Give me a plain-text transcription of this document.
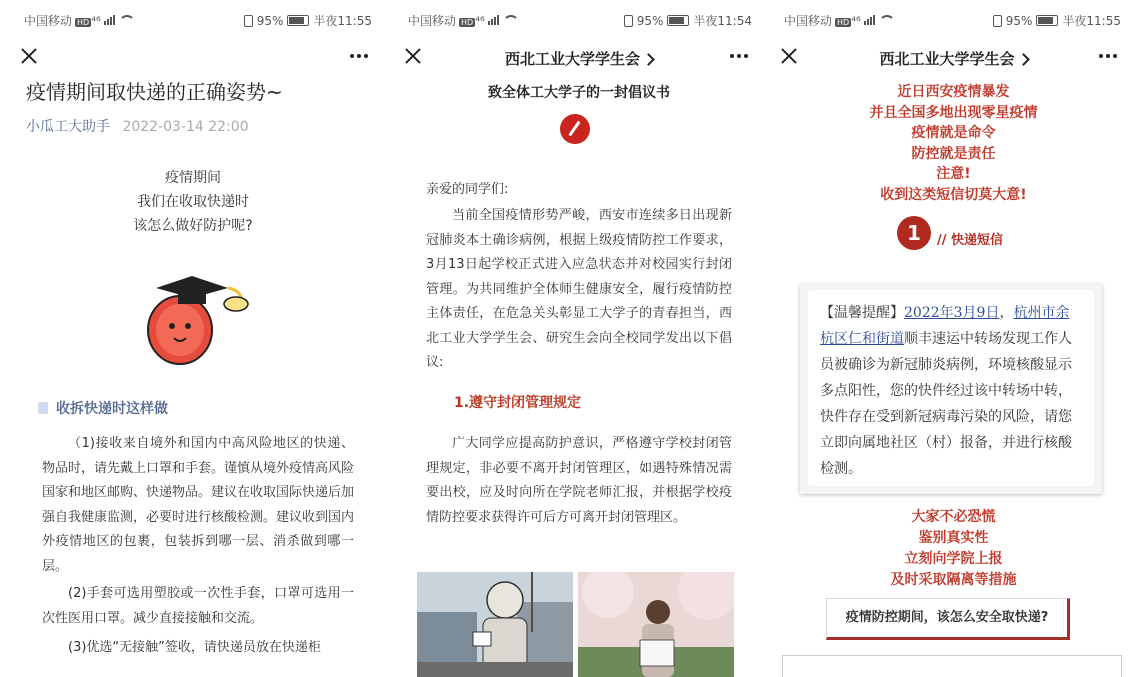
中国移动 HD ⁴⁶	95%	半夜11:55
疫情期间取快递的正确姿势~
小瓜工大助手 2022-03-14 22:00
疫情期间
我们在收取快递时
该怎么做好防护呢?
收拆快递时这样做
（1)接收来自境外和国内中高风险地区的快递、物品时，请先戴上口罩和手套。谨慎从境外疫情高风险国家和地区邮购、快递物品。建议在收取国际快递后加强自我健康监测，必要时进行核酸检测。建议收到国内外疫情地区的包裹，包装拆到哪一层、消杀做到哪一层。
(2)手套可选用塑胶或一次性手套，口罩可选用一次性医用口罩。减少直接接触和交流。
(3)优选“无接触”签收，请快递员放在快递柜
中国移动 HD ⁴⁶	95%	半夜11:54
西北工业大学学生会
致全体工大学子的一封倡议书
亲爱的同学们:
当前全国疫情形势严峻，西安市连续多日出现新冠肺炎本土确诊病例，根据上级疫情防控工作要求，3月13日起学校正式进入应急状态并对校园实行封闭管理。为共同维护全体师生健康安全，履行疫情防控主体责任，在危急关头彰显工大学子的青春担当，西北工业大学学生会、研究生会向全校同学发出以下倡议:
1.遵守封闭管理规定
广大同学应提高防护意识，严格遵守学校封闭管理规定，非必要不离开封闭管理区，如遇特殊情况需要出校，应及时向所在学院老师汇报，并根据学校疫情防控要求获得许可后方可离开封闭管理区。
中国移动 HD ⁴⁶	95%	半夜11:55
西北工业大学学生会
近日西安疫情暴发
并且全国多地出现零星疫情
疫情就是命令
防控就是责任
注意!
收到这类短信切莫大意!
1	// 快递短信
【温馨提醒】2022年3月9日，杭州市余杭区仁和街道顺丰速运中转场发现工作人员被确诊为新冠肺炎病例，环境核酸显示多点阳性，您的快件经过该中转场中转，快件存在受到新冠病毒污染的风险，请您立即向属地社区（村）报备，并进行核酸检测。
大家不必恐慌
鉴别真实性
立刻向学院上报
及时采取隔离等措施
疫情防控期间，该怎么安全取快递?
